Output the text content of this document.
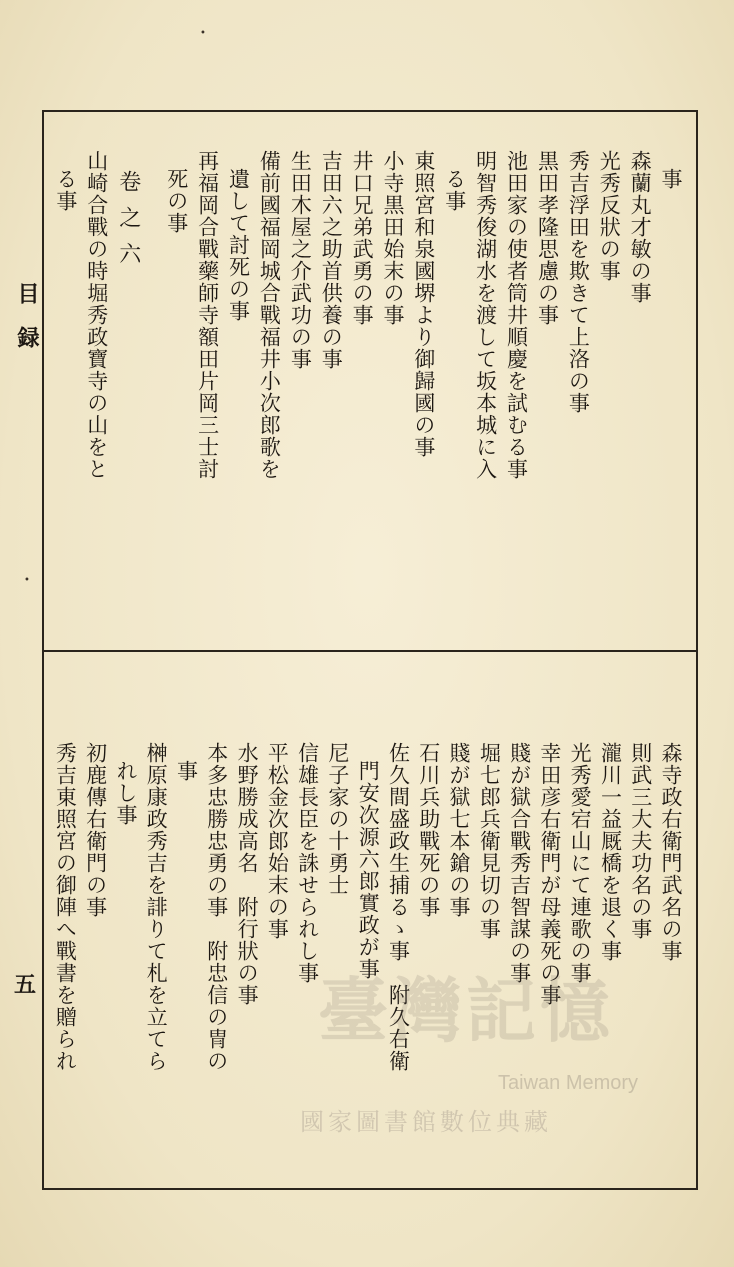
目録
五
•
•
事
森蘭丸才敏の事
光秀反狀の事
秀吉浮田を欺きて上洛の事
黒田孝隆思慮の事
池田家の使者筒井順慶を試むる事
明智秀俊湖水を渡して坂本城に入
る事
東照宮和泉國堺より御歸國の事
小寺黒田始末の事
井口兄弟武勇の事
吉田六之助首供養の事
生田木屋之介武功の事
備前國福岡城合戰福井小次郎歌を
遺して討死の事
再福岡合戰藥師寺額田片岡三士討
死の事
卷之六
山崎合戰の時堀秀政寶寺の山をと
る事
森寺政右衛門武名の事
則武三大夫功名の事
瀧川一益厩橋を退く事
光秀愛宕山にて連歌の事
幸田彦右衛門が母義死の事
賤が獄合戰秀吉智謀の事
堀七郎兵衛見切の事
賤が獄七本鎗の事
石川兵助戰死の事
佐久間盛政生捕るゝ事　附久右衛
門安次源六郎實政が事
尼子家の十勇士
信雄長臣を誅せられし事
平松金次郎始末の事
水野勝成高名　附行狀の事
本多忠勝忠勇の事　附忠信の冑の
事
榊原康政秀吉を誹りて札を立てら
れし事
初鹿傳右衛門の事
秀吉東照宮の御陣へ戰書を贈られ	臺灣記憶
Taiwan Memory
國家圖書館數位典藏
